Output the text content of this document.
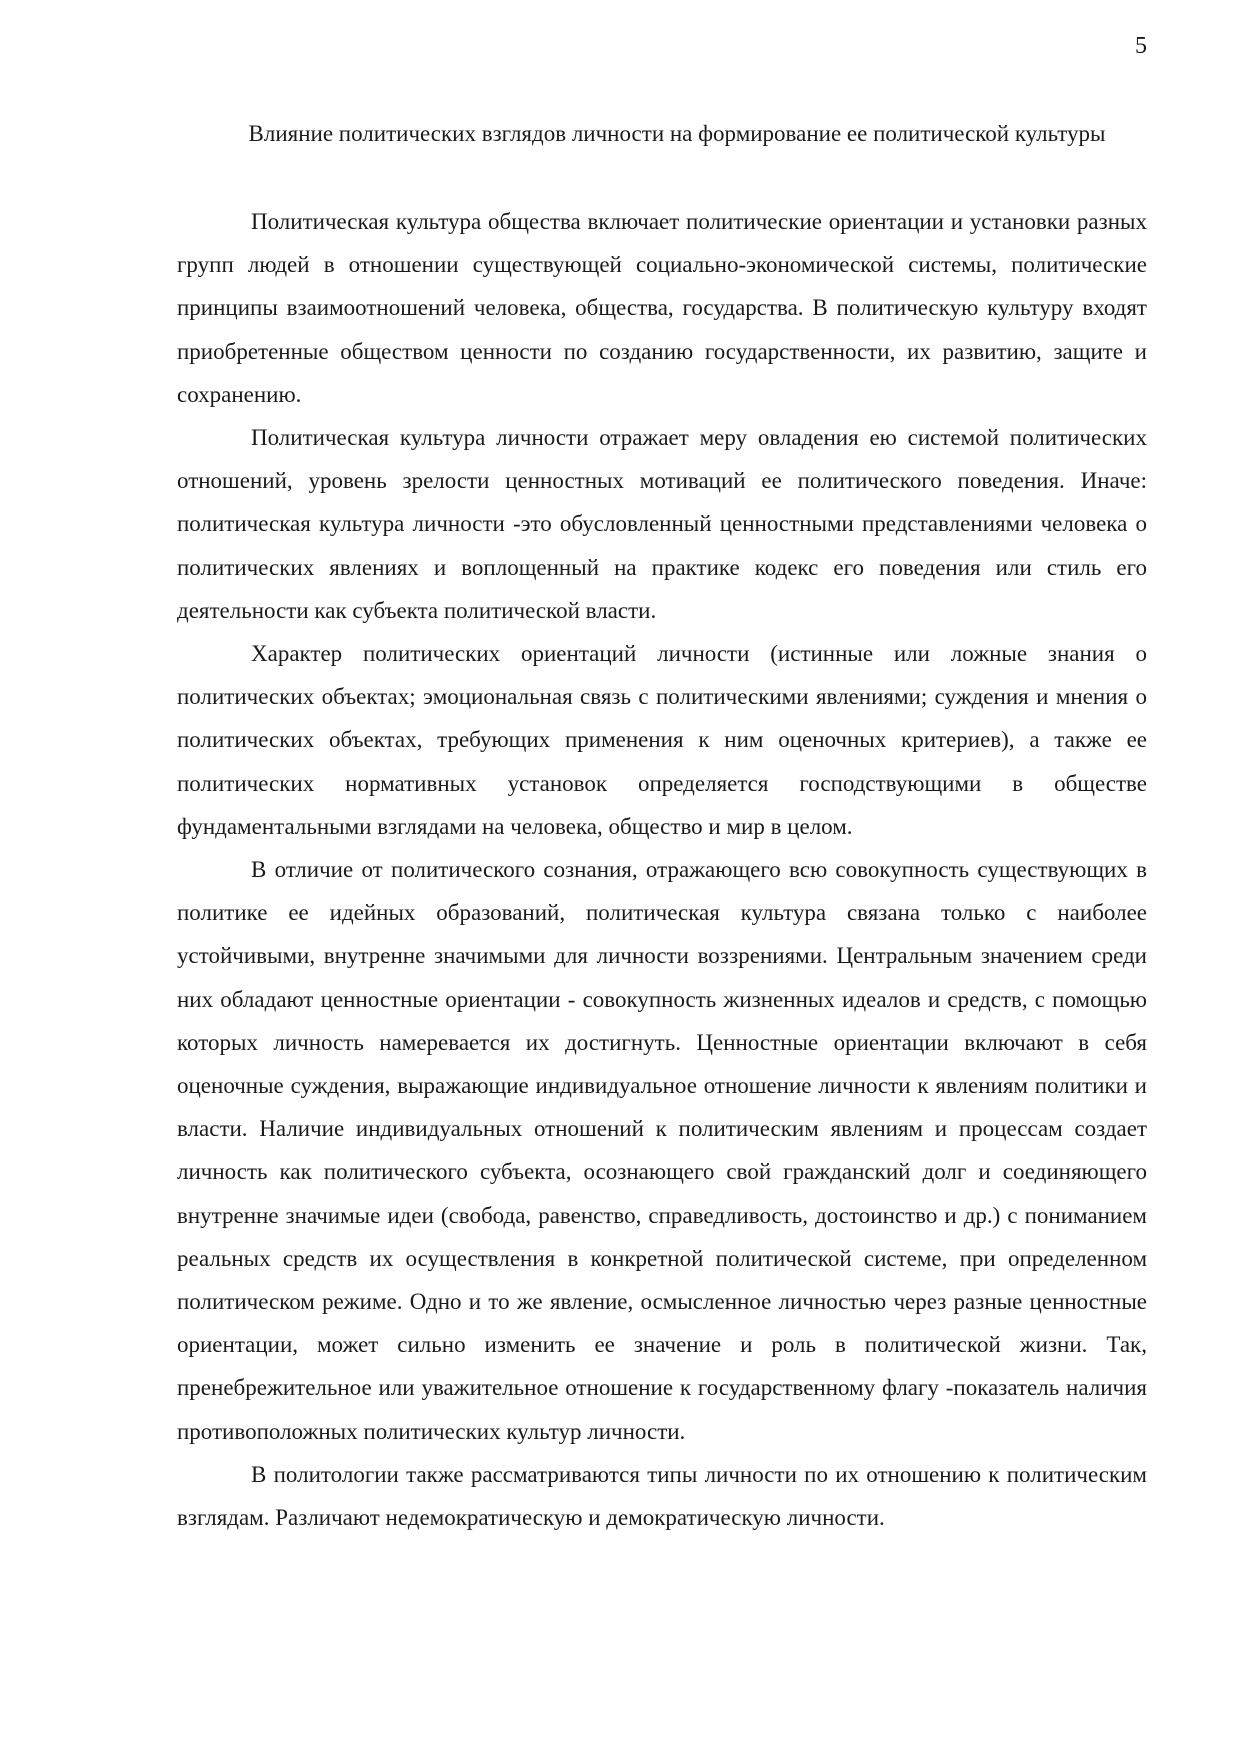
5
Влияние политических взглядов личности на формирование ее политической культуры

Политическая культура общества включает политические ориентации и установки разных групп людей в отношении существующей социально-экономической системы, политические принципы взаимоотношений человека, общества, государства. В политическую культуру входят приобретенные обществом ценности по созданию государственности, их развитию, защите и сохранению.

Политическая культура личности отражает меру овладения ею системой политических отношений, уровень зрелости ценностных мотиваций ее политического поведения. Иначе: политическая культура личности -это обусловленный ценностными представлениями человека о политических явлениях и воплощенный на практике кодекс его поведения или стиль его деятельности как субъекта политической власти.

Характер политических ориентаций личности (истинные или ложные знания о политических объектах; эмоциональная связь с политическими явлениями; суждения и мнения о политических объектах, требующих применения к ним оценочных критериев), а также ее политических нормативных установок определяется господствующими в обществе фундаментальными взглядами на человека, общество и мир в целом.

В отличие от политического сознания, отражающего всю совокупность существующих в политике ее идейных образований, политическая культура связана только с наиболее устойчивыми, внутренне значимыми для личности воззрениями. Центральным значением среди них обладают ценностные ориентации - совокупность жизненных идеалов и средств, с помощью которых личность намеревается их достигнуть. Ценностные ориентации включают в себя оценочные суждения, выражающие индивидуальное отношение личности к явлениям политики и власти. Наличие индивидуальных отношений к политическим явлениям и процессам создает личность как политического субъекта, осознающего свой гражданский долг и соединяющего внутренне значимые идеи (свобода, равенство, справедливость, достоинство и др.) с пониманием реальных средств их осуществления в конкретной политической системе, при определенном политическом режиме. Одно и то же явление, осмысленное личностью через разные ценностные ориентации, может сильно изменить ее значение и роль в политической жизни. Так, пренебрежительное или уважительное отношение к государственному флагу -показатель наличия противоположных политических культур личности.

В политологии также рассматриваются типы личности по их отношению к политическим взглядам. Различают недемократическую и демократическую личности.
